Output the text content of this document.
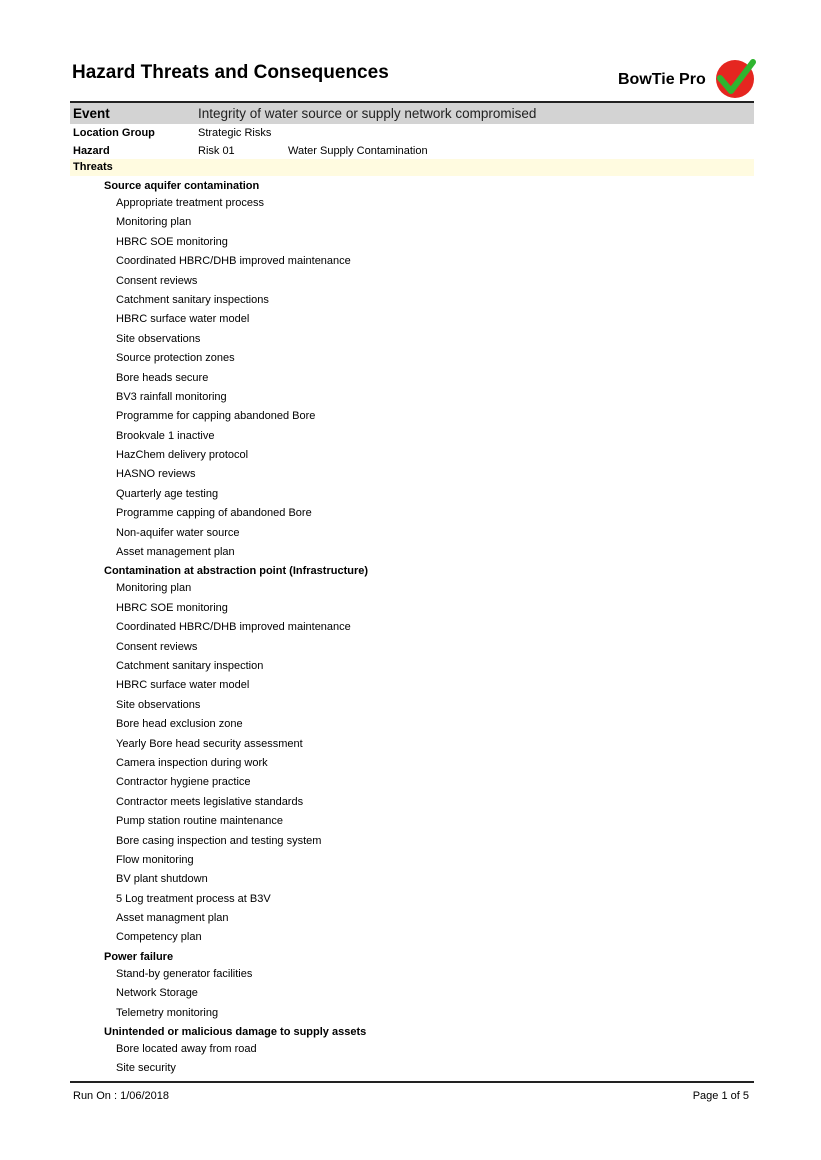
Hazard Threats and Consequences	BowTie Pro
Event	Integrity of water source or supply network compromised
Location Group	Strategic Risks
Hazard	Risk 01	Water Supply Contamination
Threats
Source aquifer contamination
Appropriate treatment process
Monitoring plan
HBRC SOE monitoring
Coordinated HBRC/DHB improved maintenance
Consent reviews
Catchment sanitary inspections
HBRC surface water model
Site observations
Source protection zones
Bore heads secure
BV3 rainfall monitoring
Programme for capping abandoned Bore
Brookvale 1 inactive
HazChem delivery protocol
HASNO reviews
Quarterly age testing
Programme capping of abandoned Bore
Non-aquifer water source
Asset management plan
Contamination at abstraction point (Infrastructure)
Monitoring plan
HBRC SOE monitoring
Coordinated HBRC/DHB improved maintenance
Consent reviews
Catchment sanitary inspection
HBRC surface water model
Site observations
Bore head exclusion zone
Yearly Bore head security assessment
Camera inspection during work
Contractor hygiene practice
Contractor meets legislative standards
Pump station routine maintenance
Bore casing inspection and testing system
Flow monitoring
BV plant shutdown
5 Log treatment process at B3V
Asset managment plan
Competency plan
Power failure
Stand-by generator facilities
Network Storage
Telemetry monitoring
Unintended or malicious damage to supply assets
Bore located away from road
Site security
Run On : 1/06/2018	Page 1 of 5
